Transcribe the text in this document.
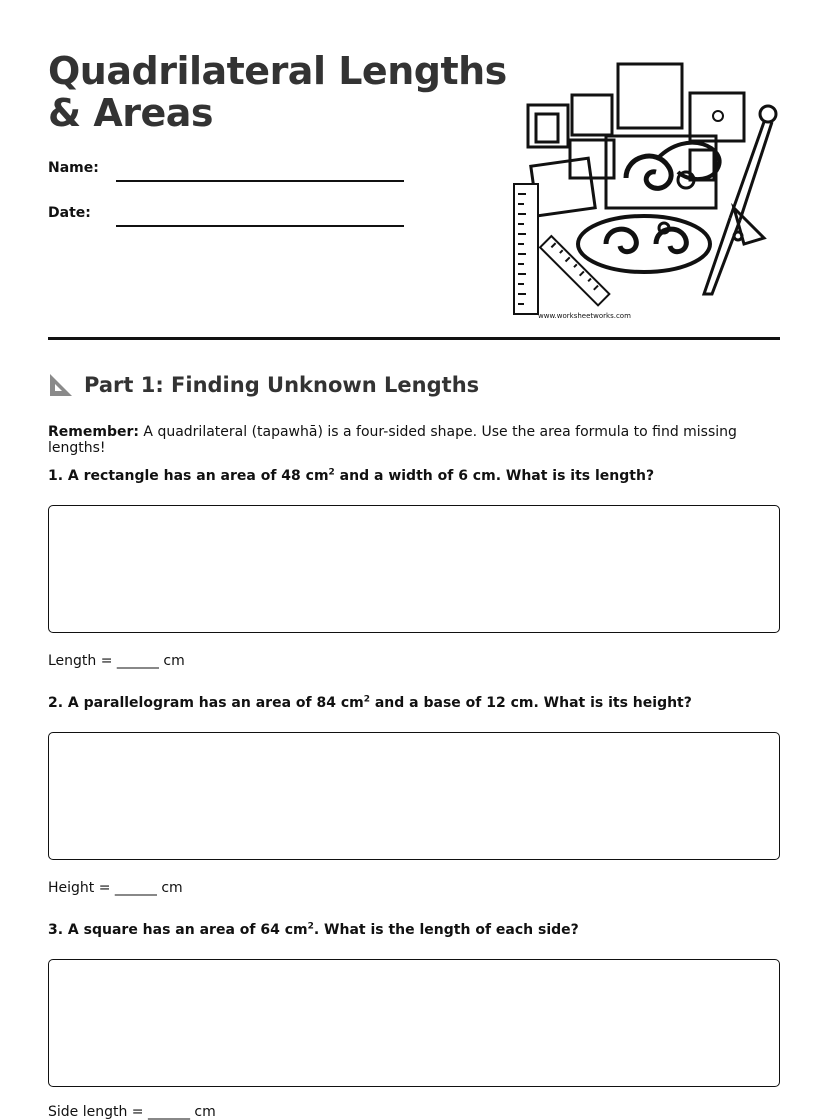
Quadrilateral Lengths & Areas
Name:
Date:
www.worksheetworks.com
Part 1: Finding Unknown Lengths
Remember: A quadrilateral (tapawhā) is a four-sided shape. Use the area formula to find missing lengths!
1. A rectangle has an area of 48 $cm^2$ and a width of 6 cm. What is its length?
Length = ______ cm
2. A parallelogram has an area of 84 $cm^2$ and a base of 12 cm. What is its height?
Height = ______ cm
3. A square has an area of 64 $cm^2$. What is the length of each side?
Side length = ______ cm
